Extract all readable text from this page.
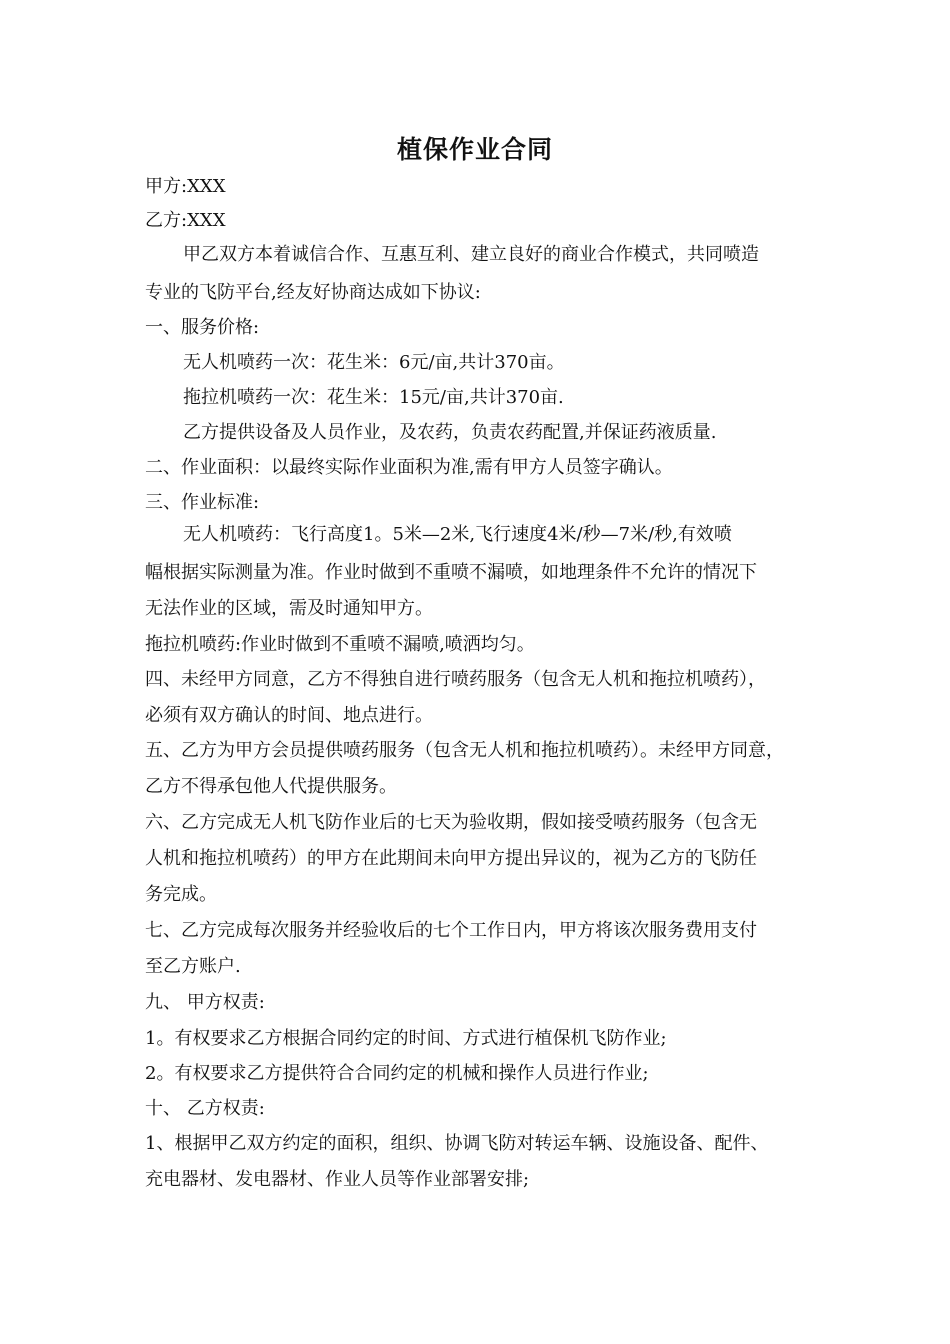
植保作业合同
甲方:XXX
乙方:XXX
甲乙双方本着诚信合作、互惠互利、建立良好的商业合作模式，共同喷造
专业的飞防平台,经友好协商达成如下协议:
一、服务价格:
无人机喷药一次：花生米：6元/亩,共计370亩。
拖拉机喷药一次：花生米：15元/亩,共计370亩.
乙方提供设备及人员作业，及农药，负责农药配置,并保证药液质量.
二、作业面积：以最终实际作业面积为准,需有甲方人员签字确认。
三、作业标准:
无人机喷药：飞行高度1。5米—2米,飞行速度4米/秒—7米/秒,有效喷
幅根据实际测量为准。作业时做到不重喷不漏喷，如地理条件不允许的情况下
无法作业的区域，需及时通知甲方。
拖拉机喷药:作业时做到不重喷不漏喷,喷洒均匀。
四、未经甲方同意，乙方不得独自进行喷药服务（包含无人机和拖拉机喷药），
必须有双方确认的时间、地点进行。
五、乙方为甲方会员提供喷药服务（包含无人机和拖拉机喷药）。未经甲方同意，
乙方不得承包他人代提供服务。
六、乙方完成无人机飞防作业后的七天为验收期，假如接受喷药服务（包含无
人机和拖拉机喷药）的甲方在此期间未向甲方提出异议的，视为乙方的飞防任
务完成。
七、乙方完成每次服务并经验收后的七个工作日内，甲方将该次服务费用支付
至乙方账户.
九、 甲方权责:
1。有权要求乙方根据合同约定的时间、方式进行植保机飞防作业;
2。有权要求乙方提供符合合同约定的机械和操作人员进行作业;
十、 乙方权责:
1、根据甲乙双方约定的面积，组织、协调飞防对转运车辆、设施设备、配件、
充电器材、发电器材、作业人员等作业部署安排;
